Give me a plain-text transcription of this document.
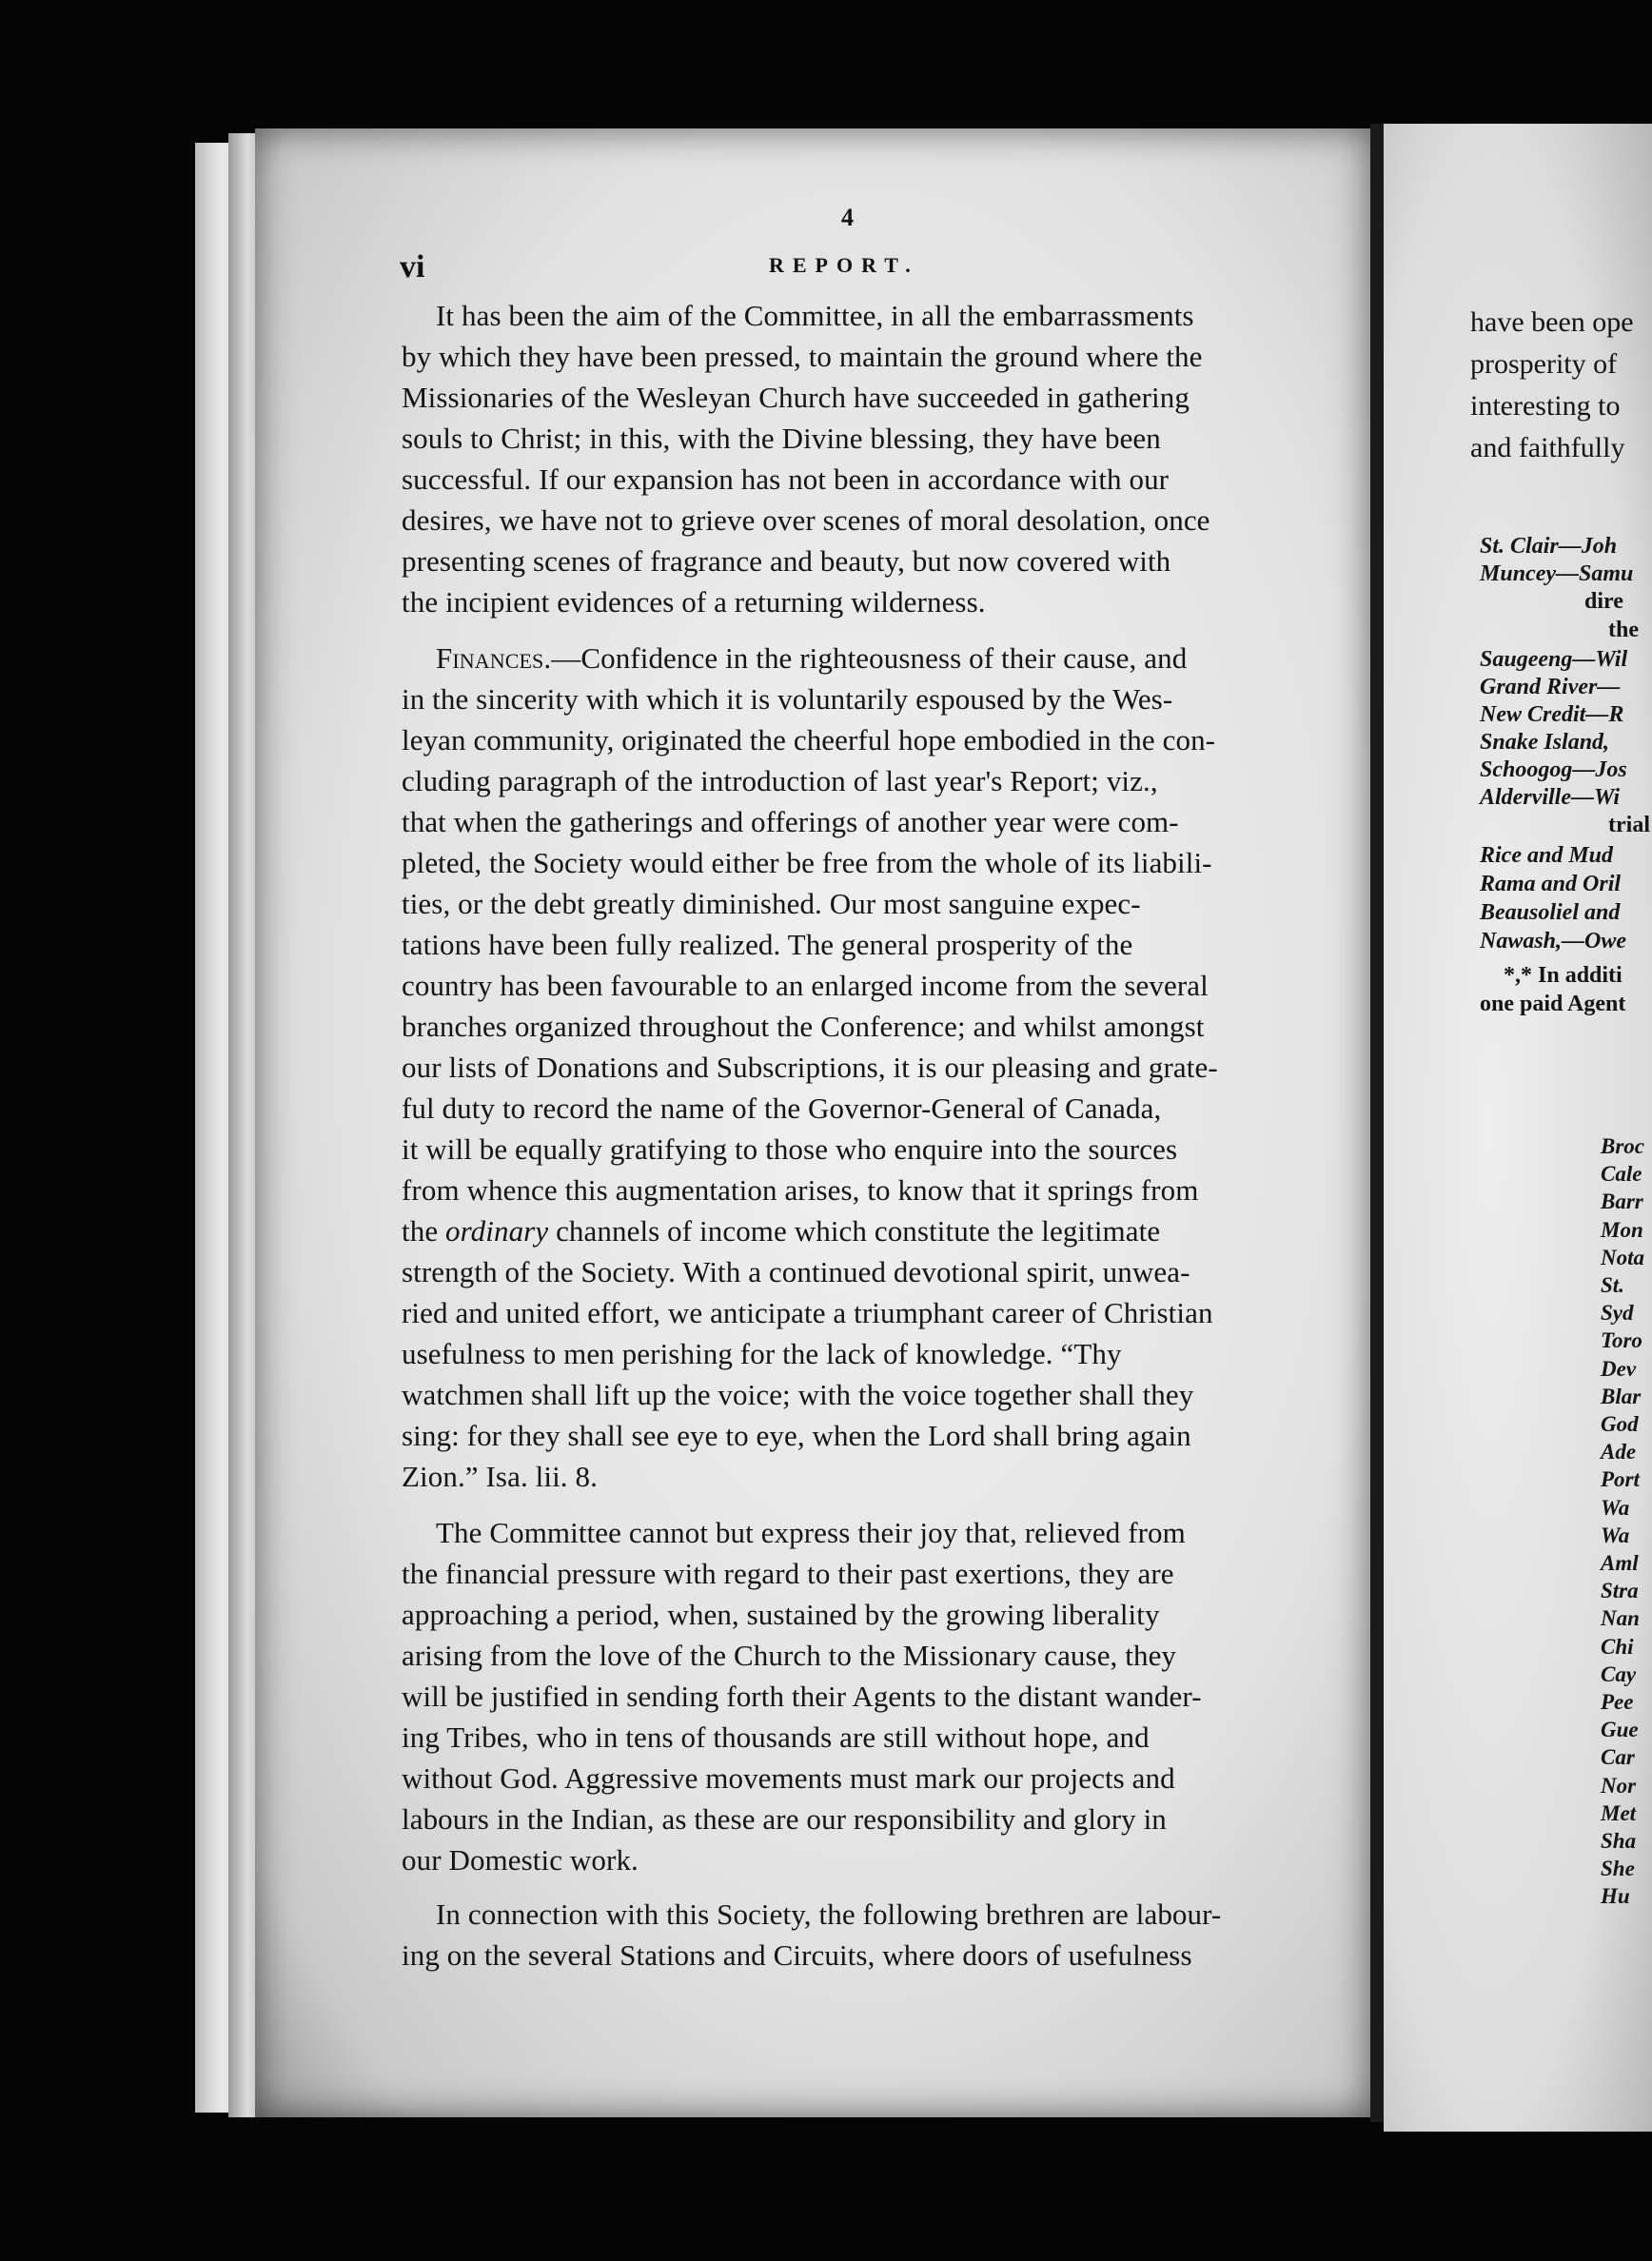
4
vi	REPORT.
It has been the aim of the Committee, in all the embarrassments
by which they have been pressed, to maintain the ground where the
Missionaries of the Wesleyan Church have succeeded in gathering
souls to Christ; in this, with the Divine blessing, they have been
successful. If our expansion has not been in accordance with our
desires, we have not to grieve over scenes of moral desolation, once
presenting scenes of fragrance and beauty, but now covered with
the incipient evidences of a returning wilderness.
Finances.—Confidence in the righteousness of their cause, and
in the sincerity with which it is voluntarily espoused by the Wes-
leyan community, originated the cheerful hope embodied in the con-
cluding paragraph of the introduction of last year's Report; viz.,
that when the gatherings and offerings of another year were com-
pleted, the Society would either be free from the whole of its liabili-
ties, or the debt greatly diminished. Our most sanguine expec-
tations have been fully realized. The general prosperity of the
country has been favourable to an enlarged income from the several
branches organized throughout the Conference; and whilst amongst
our lists of Donations and Subscriptions, it is our pleasing and grate-
ful duty to record the name of the Governor-General of Canada,
it will be equally gratifying to those who enquire into the sources
from whence this augmentation arises, to know that it springs from
the ordinary channels of income which constitute the legitimate
strength of the Society. With a continued devotional spirit, unwea-
ried and united effort, we anticipate a triumphant career of Christian
usefulness to men perishing for the lack of knowledge. “Thy
watchmen shall lift up the voice; with the voice together shall they
sing: for they shall see eye to eye, when the Lord shall bring again
Zion.” Isa. lii. 8.
The Committee cannot but express their joy that, relieved from
the financial pressure with regard to their past exertions, they are
approaching a period, when, sustained by the growing liberality
arising from the love of the Church to the Missionary cause, they
will be justified in sending forth their Agents to the distant wander-
ing Tribes, who in tens of thousands are still without hope, and
without God. Aggressive movements must mark our projects and
labours in the Indian, as these are our responsibility and glory in
our Domestic work.
In connection with this Society, the following brethren are labour-
ing on the several Stations and Circuits, where doors of usefulness
have been ope
prosperity of
interesting to
and faithfully
St. Clair—Joh
Muncey—Samu
dire
the
Saugeeng—Wil
Grand River—
New Credit—R
Snake Island,
Schoogog—Jos
Alderville—Wi
trial
Rice and Mud
Rama and Oril
Beausoliel and
Nawash,—Owe
*,* In additi
one paid Agent
Broc
Cale
Barr
Mon
Nota
St.
Syd
Toro
Dev
Blar
God
Ade
Port
Wa
Wa
Aml
Stra
Nan
Chi
Cay
Pee
Gue
Car
Nor
Met
Sha
She
Hu
